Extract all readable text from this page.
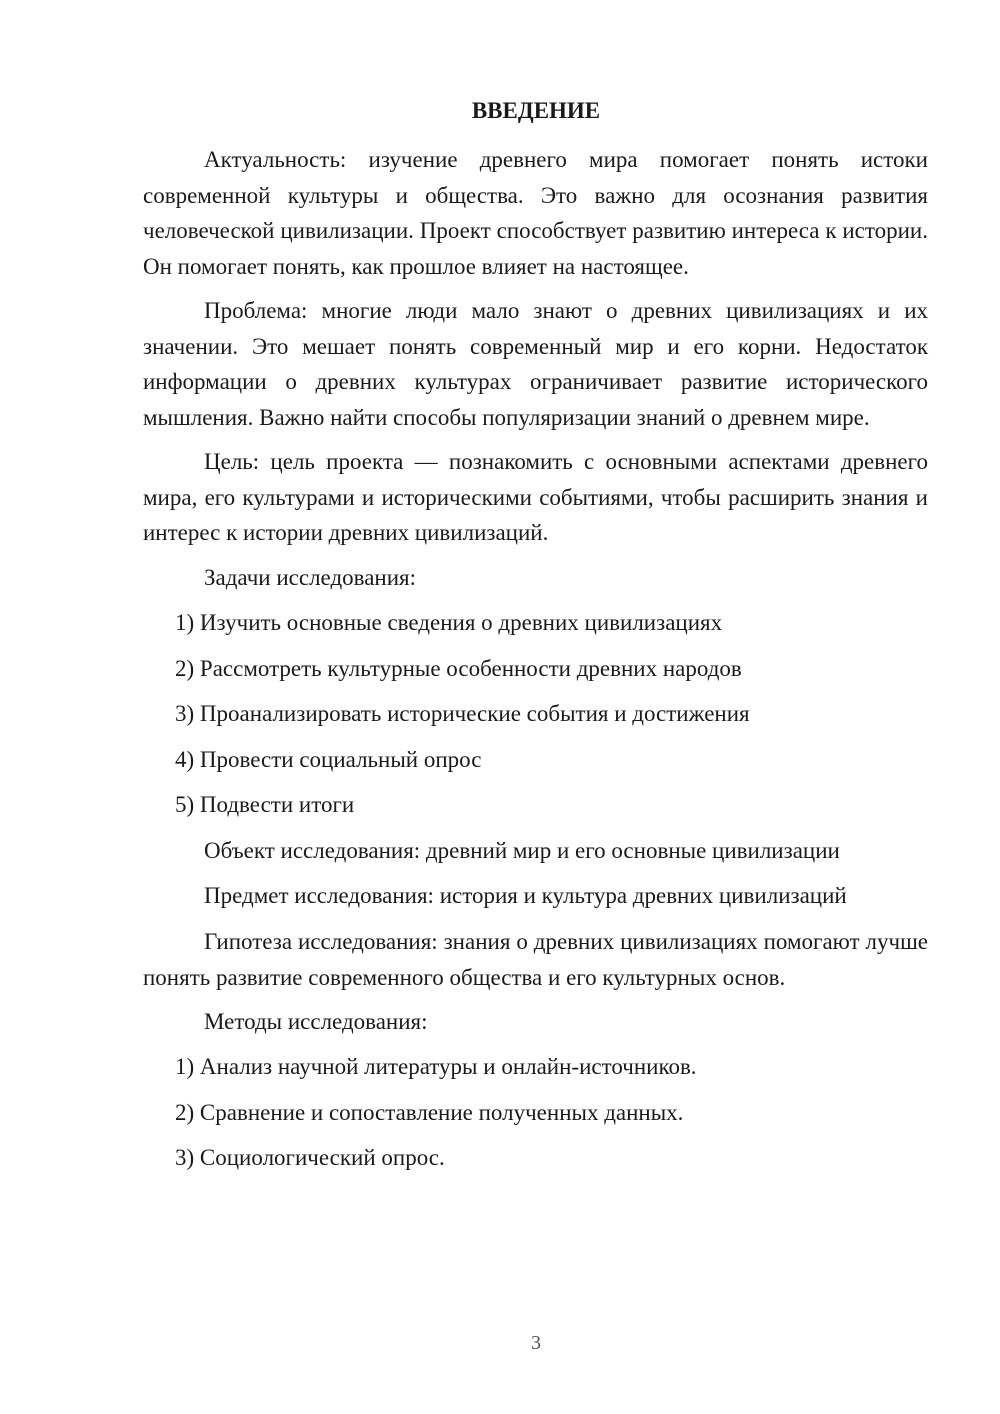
ВВЕДЕНИЕ

Актуальность: изучение древнего мира помогает понять истоки современной культуры и общества. Это важно для осознания развития человеческой цивилизации. Проект способствует развитию интереса к истории. Он помогает понять, как прошлое влияет на настоящее.

Проблема: многие люди мало знают о древних цивилизациях и их значении. Это мешает понять современный мир и его корни. Недостаток информации о древних культурах ограничивает развитие исторического мышления. Важно найти способы популяризации знаний о древнем мире.

Цель: цель проекта — познакомить с основными аспектами древнего мира, его культурами и историческими событиями, чтобы расширить знания и интерес к истории древних цивилизаций.

Задачи исследования:

1) Изучить основные сведения о древних цивилизациях

2) Рассмотреть культурные особенности древних народов

3) Проанализировать исторические события и достижения

4) Провести социальный опрос

5) Подвести итоги

Объект исследования: древний мир и его основные цивилизации

Предмет исследования: история и культура древних цивилизаций

Гипотеза исследования: знания о древних цивилизациях помогают лучше понять развитие современного общества и его культурных основ.

Методы исследования:

1) Анализ научной литературы и онлайн-источников.

2) Сравнение и сопоставление полученных данных.

3) Социологический опрос.

3
